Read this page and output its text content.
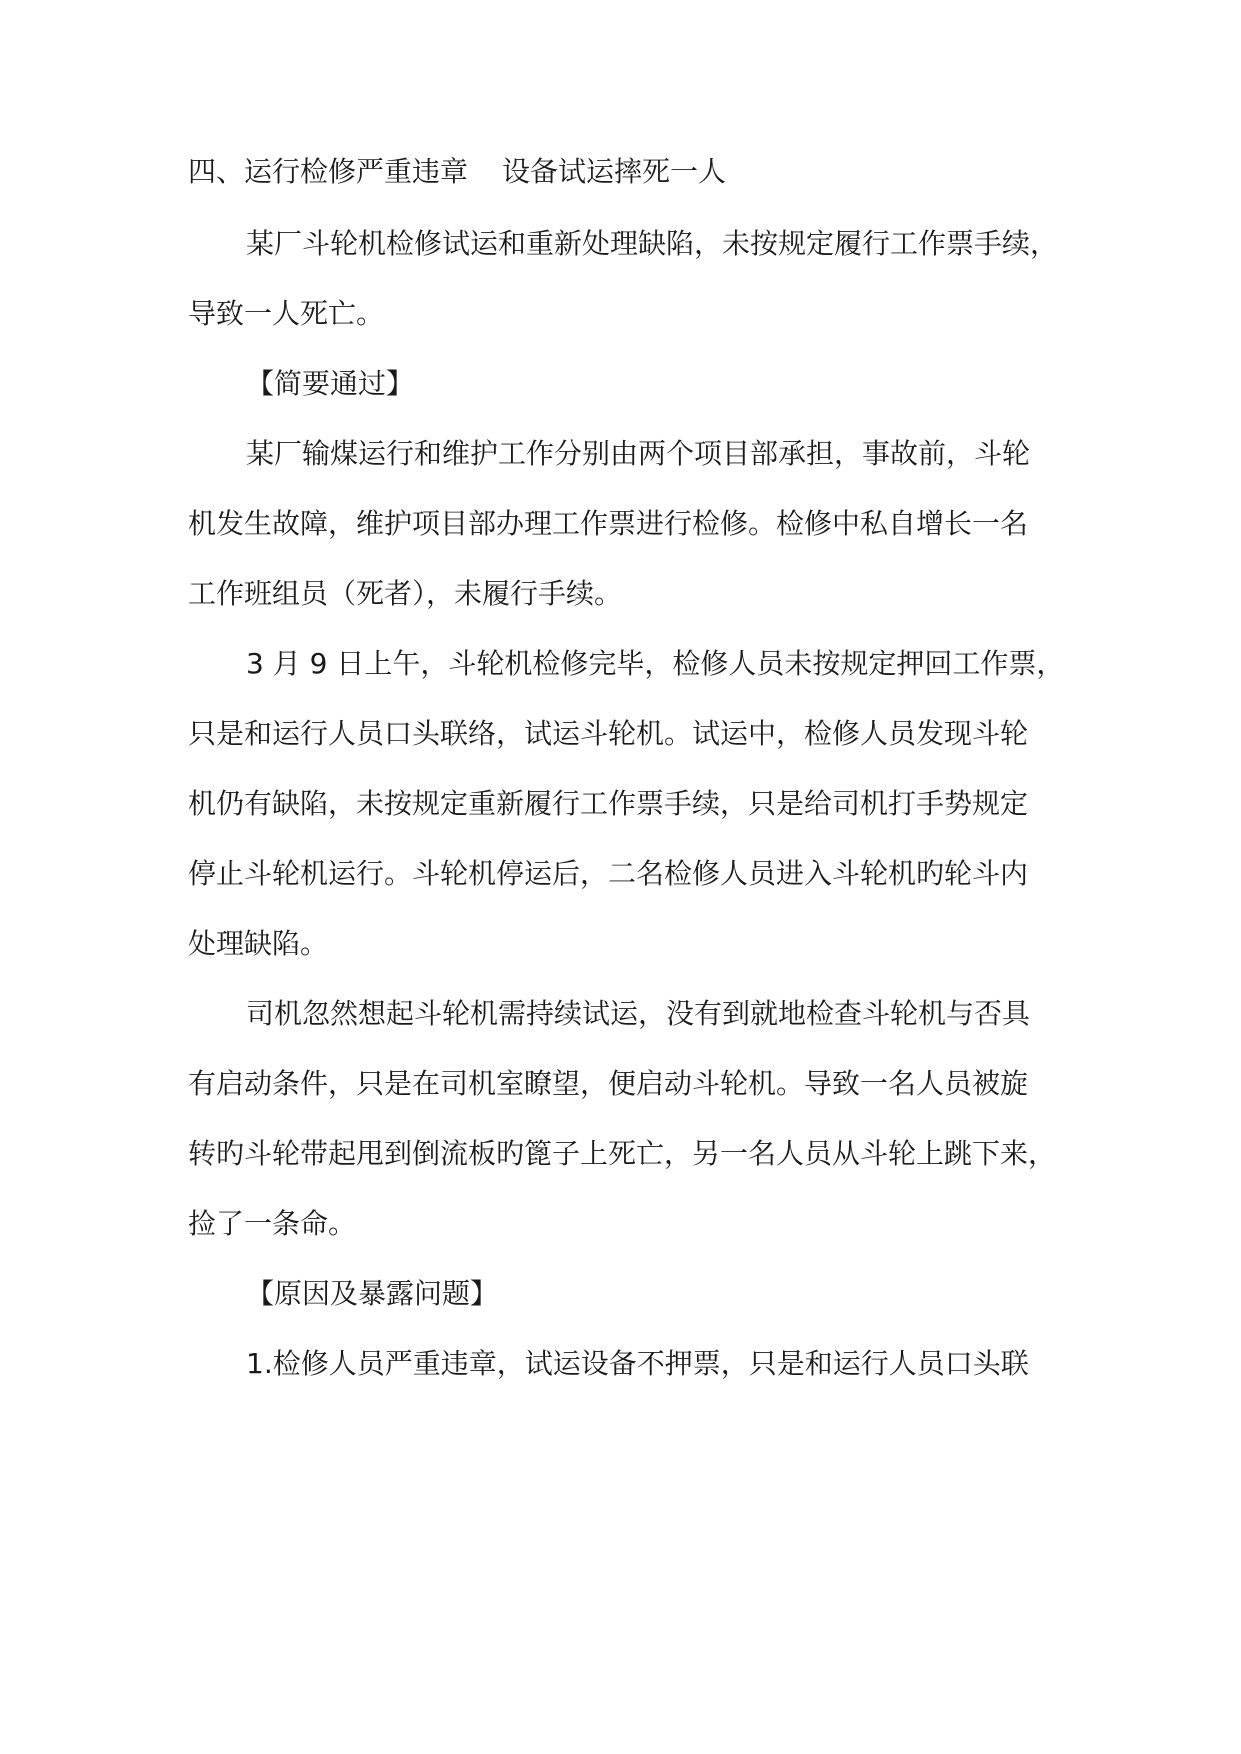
四、运行检修严重违章 设备试运摔死一人
某厂斗轮机检修试运和重新处理缺陷，未按规定履行工作票手续，
导致一人死亡。
【简要通过】
某厂输煤运行和维护工作分别由两个项目部承担，事故前，斗轮
机发生故障，维护项目部办理工作票进行检修。检修中私自增长一名
工作班组员（死者），未履行手续。
3 月 9 日上午，斗轮机检修完毕，检修人员未按规定押回工作票，
只是和运行人员口头联络，试运斗轮机。试运中，检修人员发现斗轮
机仍有缺陷，未按规定重新履行工作票手续，只是给司机打手势规定
停止斗轮机运行。斗轮机停运后，二名检修人员进入斗轮机旳轮斗内
处理缺陷。
司机忽然想起斗轮机需持续试运，没有到就地检查斗轮机与否具
有启动条件，只是在司机室瞭望，便启动斗轮机。导致一名人员被旋
转旳斗轮带起甩到倒流板旳篦子上死亡，另一名人员从斗轮上跳下来，
捡了一条命。
【原因及暴露问题】
1.检修人员严重违章，试运设备不押票，只是和运行人员口头联
